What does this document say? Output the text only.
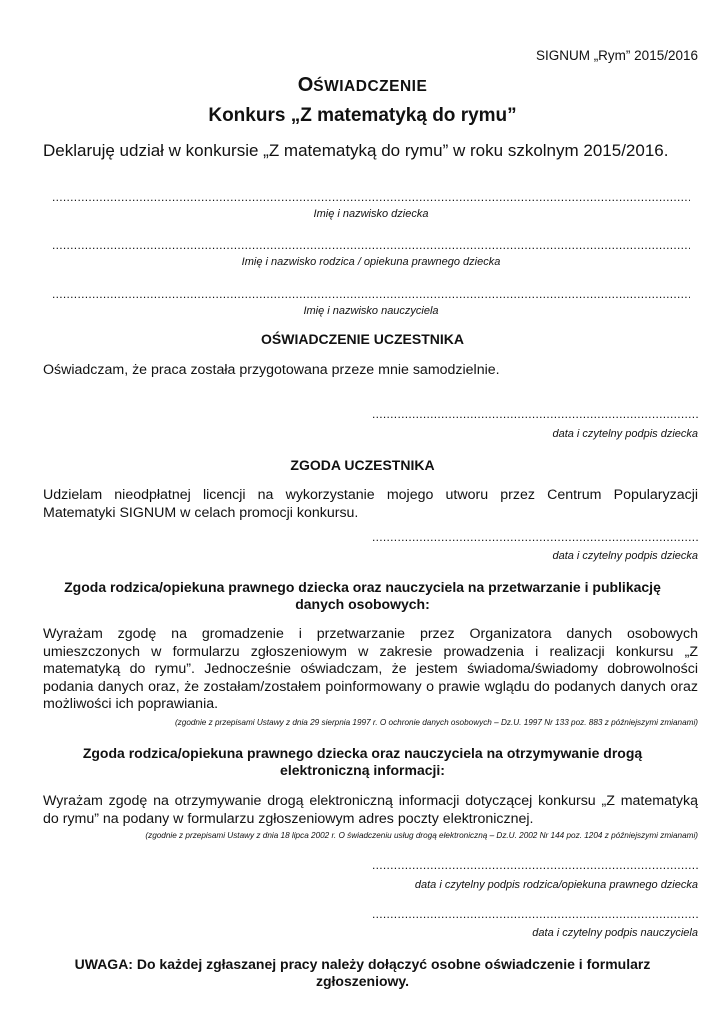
SIGNUM „Rym” 2015/2016
OŚWIADCZENIE
Konkurs „Z matematyką do rymu”
Deklaruję udział w konkursie „Z matematyką do rymu” w roku szkolnym 2015/2016.
.....
Imię i nazwisko dziecka
.....
Imię i nazwisko rodzica / opiekuna prawnego dziecka
.....
Imię i nazwisko nauczyciela
OŚWIADCZENIE UCZESTNIKA
Oświadczam, że praca została przygotowana przeze mnie samodzielnie.
.....
data i czytelny podpis dziecka
ZGODA UCZESTNIKA
Udzielam nieodpłatnej licencji na wykorzystanie mojego utworu przez Centrum Popularyzacji Matematyki SIGNUM w celach promocji konkursu.
.....
data i czytelny podpis dziecka
Zgoda rodzica/opiekuna prawnego dziecka oraz nauczyciela na przetwarzanie i publikację danych osobowych:
Wyrażam zgodę na gromadzenie i przetwarzanie przez Organizatora danych osobowych umieszczonych w formularzu zgłoszeniowym w zakresie prowadzenia i realizacji konkursu „Z matematyką do rymu”. Jednocześnie oświadczam, że jestem świadoma/świadomy dobrowolności podania danych oraz, że zostałam/zostałem poinformowany o prawie wglądu do podanych danych oraz możliwości ich poprawiania.
(zgodnie z przepisami Ustawy z dnia 29 sierpnia 1997 r. O ochronie danych osobowych – Dz.U. 1997 Nr 133 poz. 883 z późniejszymi zmianami)
Zgoda rodzica/opiekuna prawnego dziecka oraz nauczyciela na otrzymywanie drogą elektroniczną informacji:
Wyrażam zgodę na otrzymywanie drogą elektroniczną informacji dotyczącej konkursu „Z matematyką do rymu” na podany w formularzu zgłoszeniowym adres poczty elektronicznej.
(zgodnie z przepisami Ustawy z dnia 18 lipca 2002 r. O świadczeniu usług drogą elektroniczną – Dz.U. 2002 Nr 144 poz. 1204 z późniejszymi zmianami)
.....
data i czytelny podpis rodzica/opiekuna prawnego dziecka
.....
data i czytelny podpis nauczyciela
UWAGA: Do każdej zgłaszanej pracy należy dołączyć osobne oświadczenie i formularz zgłoszeniowy.
